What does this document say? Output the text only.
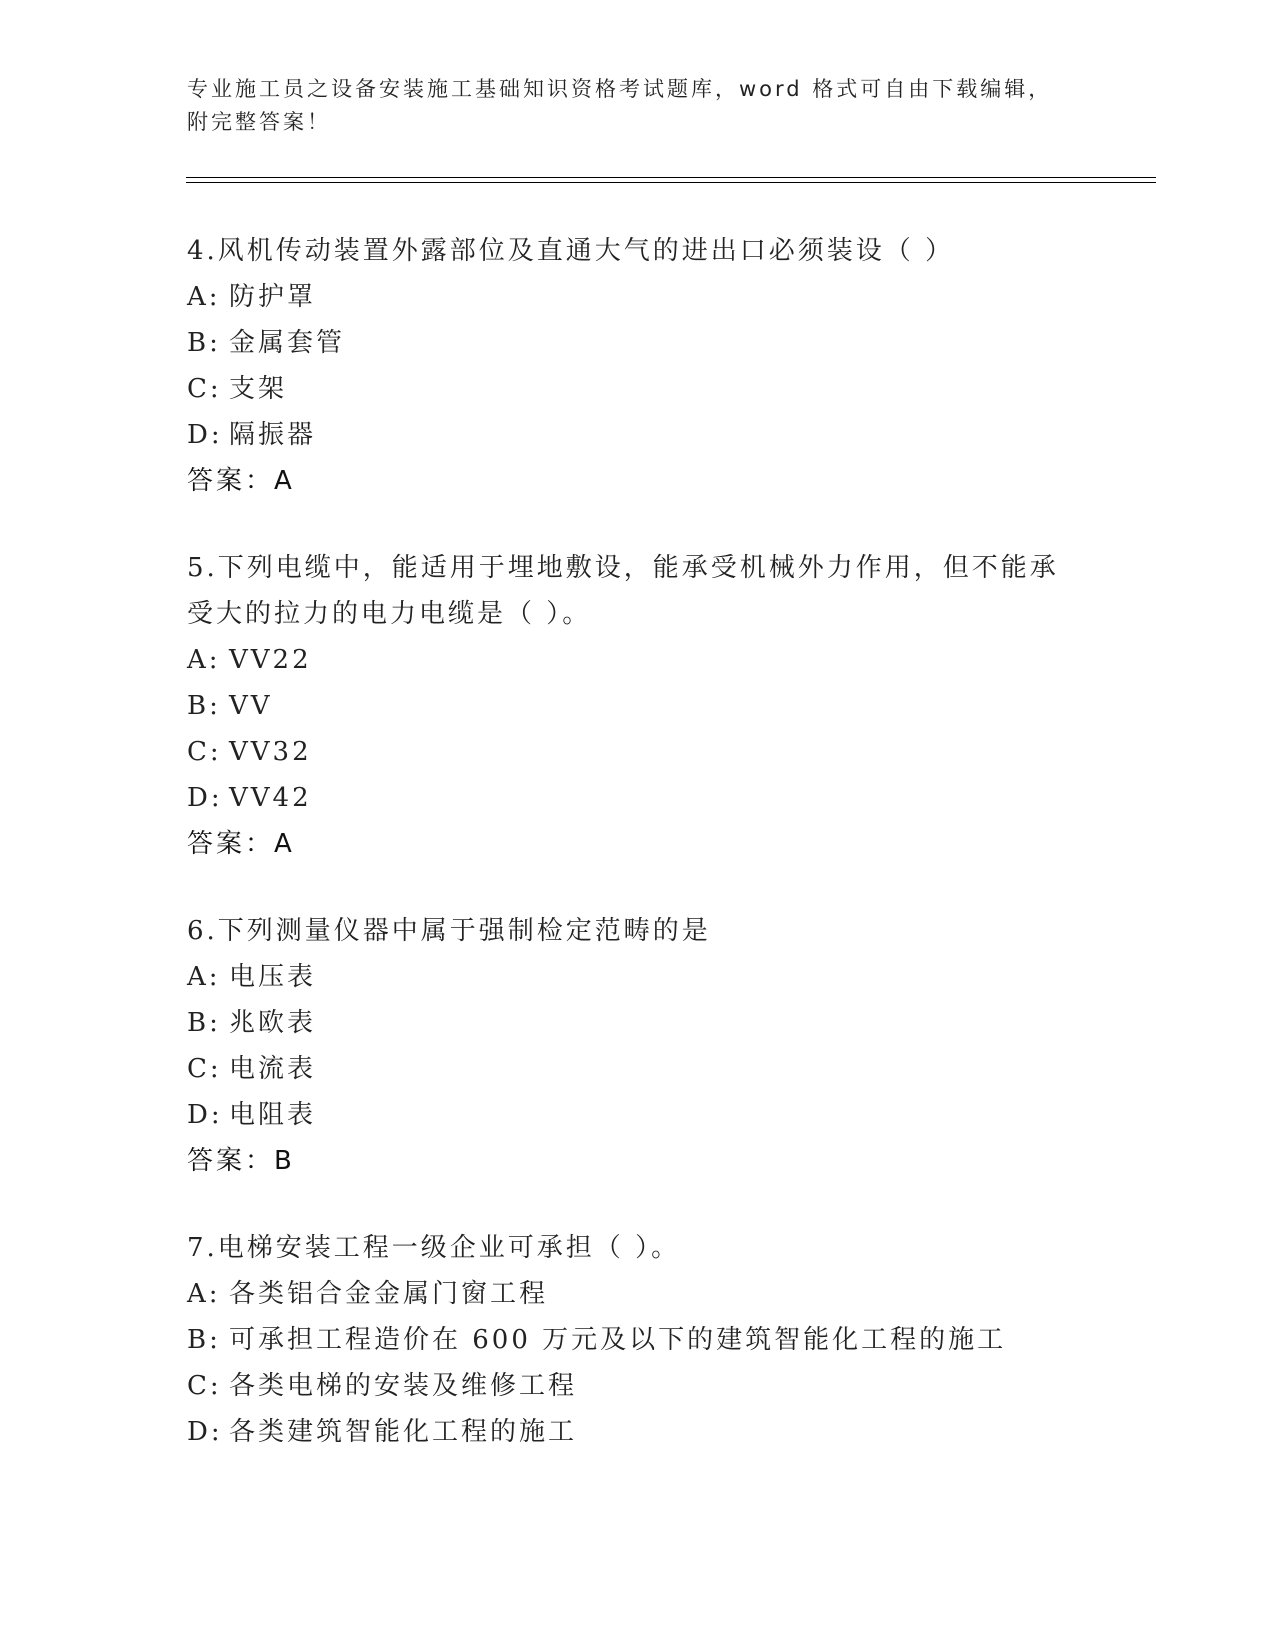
专业施工员之设备安装施工基础知识资格考试题库，word 格式可自由下载编辑，
附完整答案！

4.风机传动装置外露部位及直通大气的进出口必须装设（ ）

A: 防护罩

B: 金属套管

C: 支架

D: 隔振器

答案：A

5.下列电缆中，能适用于埋地敷设，能承受机械外力作用，但不能承

受大的拉力的电力电缆是（ ）。

A: VV22

B: VV

C: VV32

D: VV42

答案：A

6.下列测量仪器中属于强制检定范畴的是

A: 电压表

B: 兆欧表

C: 电流表

D: 电阻表

答案：B

7.电梯安装工程一级企业可承担（ ）。

A: 各类铝合金金属门窗工程

B: 可承担工程造价在 600 万元及以下的建筑智能化工程的施工

C: 各类电梯的安装及维修工程

D: 各类建筑智能化工程的施工
